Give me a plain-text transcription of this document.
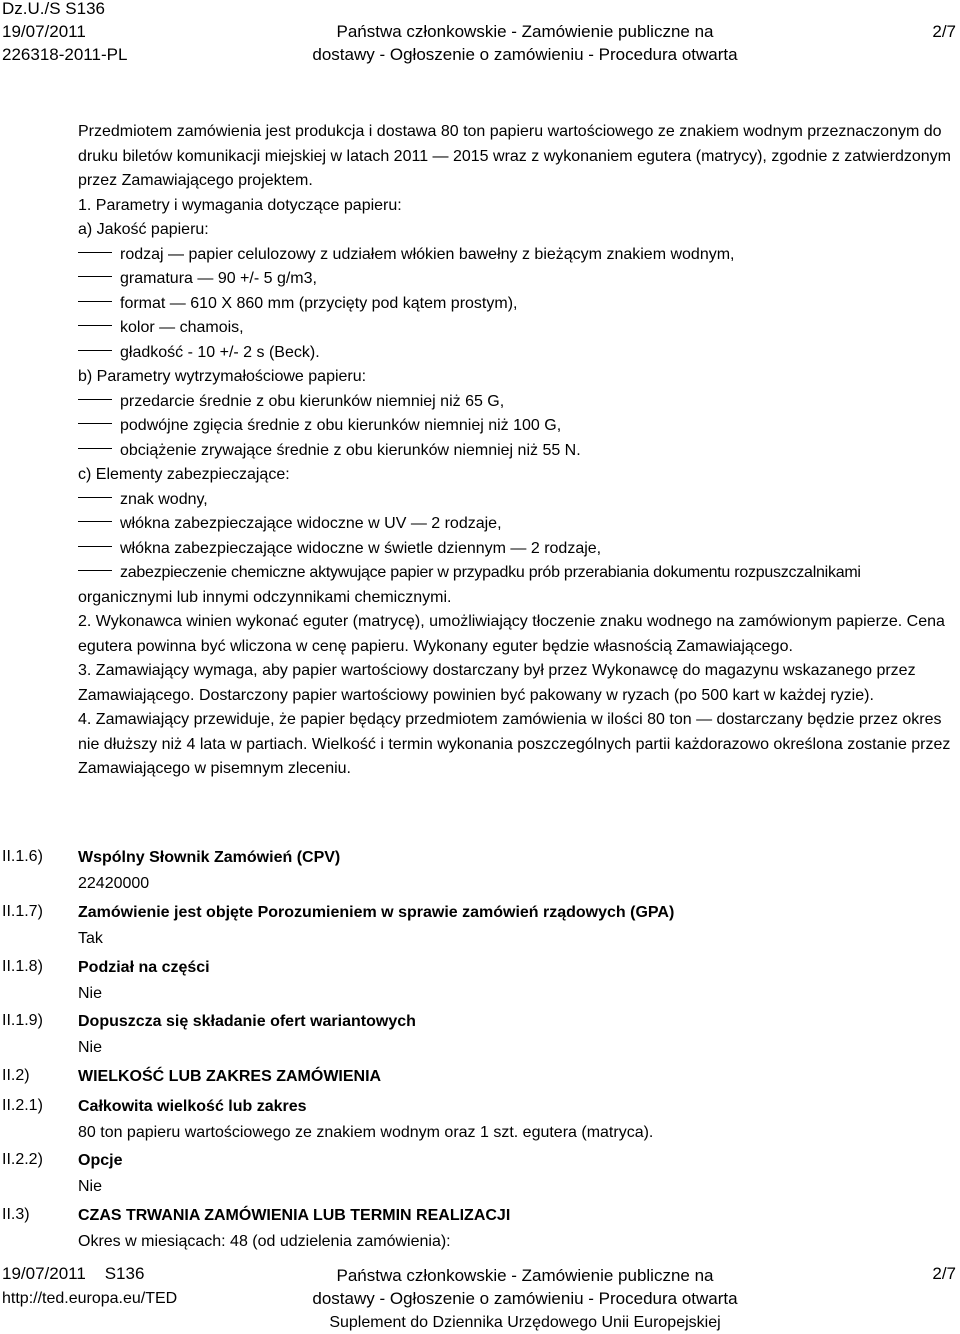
Dz.U./S S136
19/07/2011
226318-2011-PL
Państwa członkowskie - Zamówienie publiczne na
dostawy - Ogłoszenie o zamówieniu - Procedura otwarta
2/7

Przedmiotem zamówienia jest produkcja i dostawa 80 ton papieru wartościowego ze znakiem wodnym przeznaczonym do druku biletów komunikacji miejskiej w latach 2011 — 2015 wraz z wykonaniem egutera (matrycy), zgodnie z zatwierdzonym przez Zamawiającego projektem.

1. Parametry i wymagania dotyczące papieru:

a) Jakość papieru:

rodzaj — papier celulozowy z udziałem włókien bawełny z bieżącym znakiem wodnym,

gramatura — 90 +/- 5 g/m3,

format — 610 X 860 mm (przycięty pod kątem prostym),

kolor — chamois,

gładkość - 10 +/- 2 s (Beck).

b) Parametry wytrzymałościowe papieru:

przedarcie średnie z obu kierunków niemniej niż 65 G,

podwójne zgięcia średnie z obu kierunków niemniej niż 100 G,

obciążenie zrywające średnie z obu kierunków niemniej niż 55 N.

c) Elementy zabezpieczające:

znak wodny,

włókna zabezpieczające widoczne w UV — 2 rodzaje,

włókna zabezpieczające widoczne w świetle dziennym — 2 rodzaje,

zabezpieczenie chemiczne aktywujące papier w przypadku prób przerabiania dokumentu rozpuszczalnikami

organicznymi lub innymi odczynnikami chemicznymi.

2. Wykonawca winien wykonać eguter (matrycę), umożliwiający tłoczenie znaku wodnego na zamówionym papierze. Cena egutera powinna być wliczona w cenę papieru. Wykonany eguter będzie własnością Zamawiającego.

3. Zamawiający wymaga, aby papier wartościowy dostarczany był przez Wykonawcę do magazynu wskazanego przez Zamawiającego. Dostarczony papier wartościowy powinien być pakowany w ryzach (po 500 kart w każdej ryzie).

4. Zamawiający przewiduje, że papier będący przedmiotem zamówienia w ilości 80 ton — dostarczany będzie przez okres nie dłuższy niż 4 lata w partiach. Wielkość i termin wykonania poszczególnych partii każdorazowo określona zostanie przez Zamawiającego w pisemnym zleceniu.

II.1.6)	Wspólny Słownik Zamówień (CPV)
22420000
II.1.7)	Zamówienie jest objęte Porozumieniem w sprawie zamówień rządowych (GPA)
Tak
II.1.8)	Podział na części
Nie
II.1.9)	Dopuszcza się składanie ofert wariantowych
Nie
II.2)	WIELKOŚĆ LUB ZAKRES ZAMÓWIENIA
II.2.1)	Całkowita wielkość lub zakres
80 ton papieru wartościowego ze znakiem wodnym oraz 1 szt. egutera (matryca).
II.2.2)	Opcje
Nie
II.3)	CZAS TRWANIA ZAMÓWIENIA LUB TERMIN REALIZACJI
Okres w miesiącach: 48 (od udzielenia zamówienia):
19/07/2011    S136
http://ted.europa.eu/TED
Państwa członkowskie - Zamówienie publiczne na
dostawy - Ogłoszenie o zamówieniu - Procedura otwarta
Suplement do Dziennika Urzędowego Unii Europejskiej
2/7
